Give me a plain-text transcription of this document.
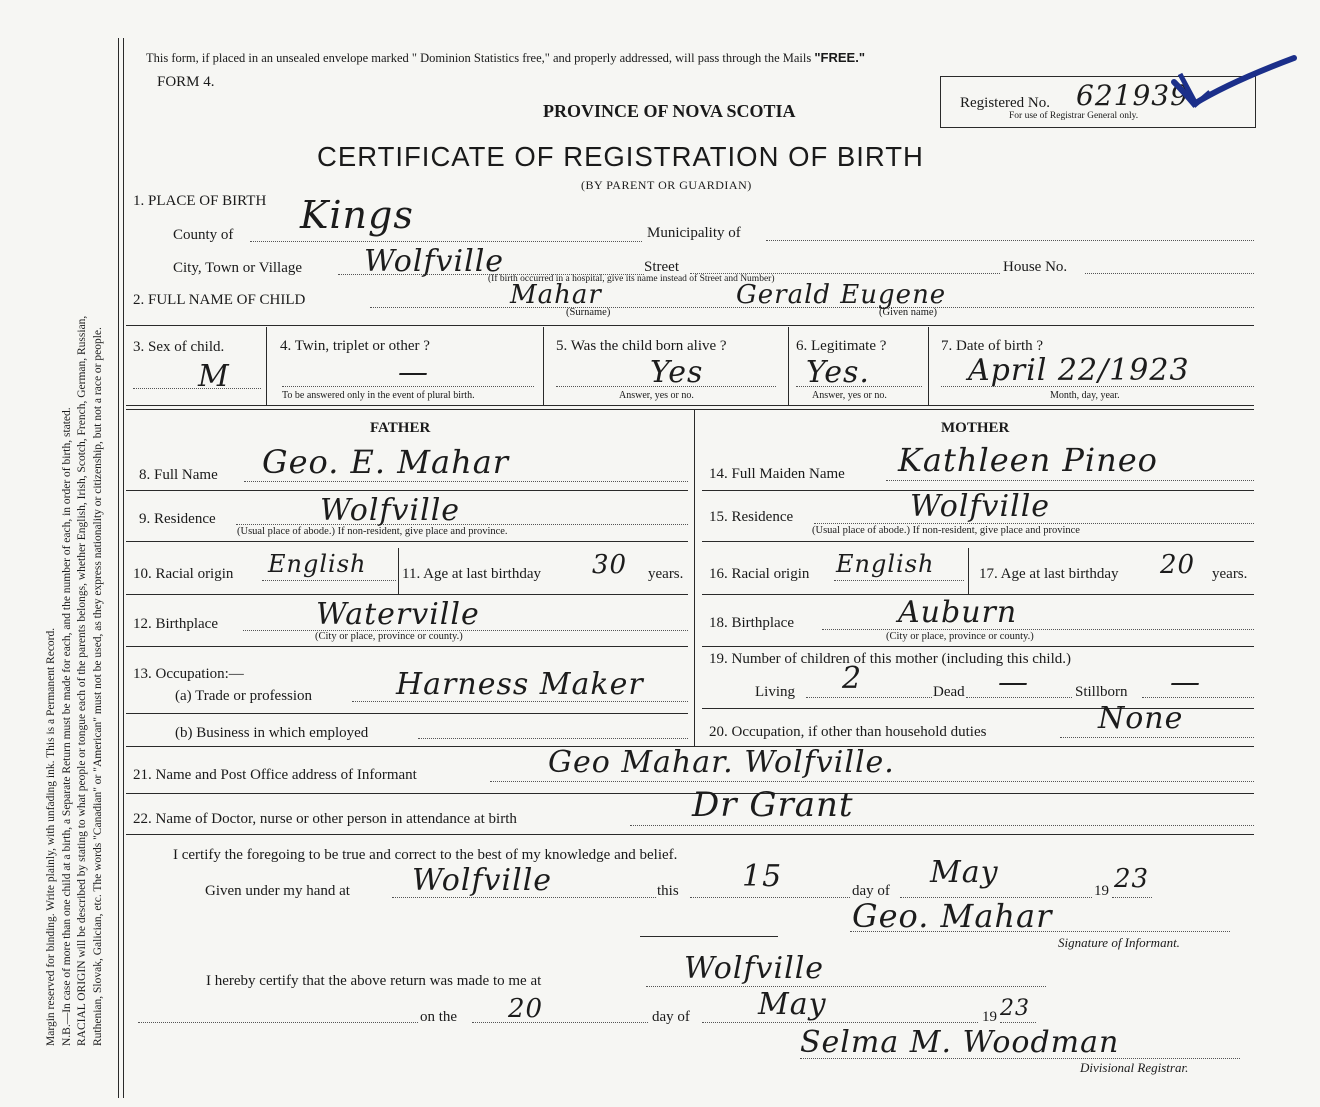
Margin reserved for binding. Write plainly, with unfading ink. This is a Permanent Record. N.B.—In case of more than one child at a birth, a Separate Return must be made for each, and the number of each, in order of birth, stated. RACIAL ORIGIN will be described by stating to what people or tongue each of the parents belongs, whether English, Irish, Scotch, French, German, Russian, Ruthenian, Slovak, Galician, etc. The words "Canadian" or "American" must not be used, as they express nationality or citizenship, but not a race or people.
This form, if placed in an unsealed envelope marked " Dominion Statistics free," and properly addressed, will pass through the Mails "FREE."
FORM 4.
PROVINCE OF NOVA SCOTIA
CERTIFICATE OF REGISTRATION OF BIRTH
(BY PARENT OR GUARDIAN)
Registered No. 621939
For use of Registrar General only.
1. PLACE OF BIRTH
County of Kings	Municipality of
City, Town or Village Wolfville	Street	House No.
(If birth occurred in a hospital, give its name instead of Street and Number)
2. FULL NAME OF CHILD	Mahar	Gerald Eugene
(Surname)	(Given name)
3. Sex of child.
M
4. Twin, triplet or other ?
—
To be answered only in the event of plural birth.
5. Was the child born alive ?
Yes
Answer, yes or no.
6. Legitimate ?
Yes.
Answer, yes or no.
7. Date of birth ?
April 22/1923
Month, day, year.
FATHER
8. Full Name Geo. E. Mahar
9. Residence	Wolfville
(Usual place of abode.) If non-resident, give place and province.
10. Racial origin English 11. Age at last birthday 30 years.
12. Birthplace	Waterville
(City or place, province or county.)
13. Occupation:—
(a) Trade or profession	Harness Maker
(b) Business in which employed
MOTHER
14. Full Maiden Name Kathleen Pineo
15. Residence	Wolfville
(Usual place of abode.) If non-resident, give place and province
16. Racial origin English	17. Age at last birthday 20 years.
18. Birthplace	Auburn
(City or place, province or county.)
19. Number of children of this mother (including this child.)
Living 2	Dead —	Stillborn —
20. Occupation, if other than household duties	None
21. Name and Post Office address of Informant	Geo Mahar. Wolfville.
22. Name of Doctor, nurse or other person in attendance at birth	Dr Grant
I certify the foregoing to be true and correct to the best of my knowledge and belief.
Given under my hand at Wolfville	this 15	day of
May
19 23
Geo. Mahar
Signature of Informant.
I hereby certify that the above return was made to me at	Wolfville
on the 20	day of May	19 23
Selma M. Woodman
Divisional Registrar.
